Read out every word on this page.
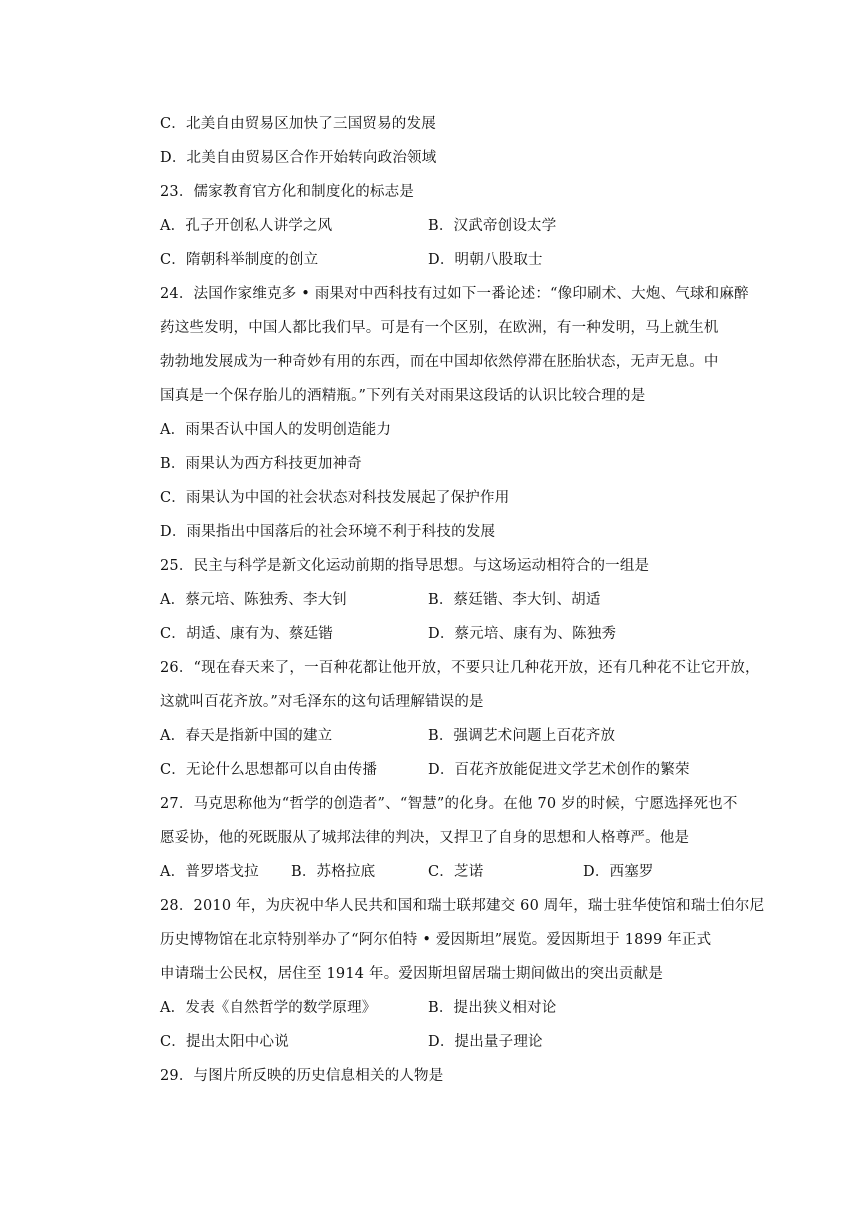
C．北美自由贸易区加快了三国贸易的发展
D．北美自由贸易区合作开始转向政治领域
23．儒家教育官方化和制度化的标志是
A．孔子开创私人讲学之风	B．汉武帝创设太学
C．隋朝科举制度的创立	D．明朝八股取士
24．法国作家维克多 • 雨果对中西科技有过如下一番论述：“像印刷术、大炮、气球和麻醉
药这些发明，中国人都比我们早。可是有一个区别，在欧洲，有一种发明，马上就生机
勃勃地发展成为一种奇妙有用的东西，而在中国却依然停滞在胚胎状态，无声无息。中
国真是一个保存胎儿的酒精瓶。”下列有关对雨果这段话的认识比较合理的是
A．雨果否认中国人的发明创造能力
B．雨果认为西方科技更加神奇
C．雨果认为中国的社会状态对科技发展起了保护作用
D．雨果指出中国落后的社会环境不利于科技的发展
25．民主与科学是新文化运动前期的指导思想。与这场运动相符合的一组是
A．蔡元培、陈独秀、李大钊	B．蔡廷锴、李大钊、胡适
C．胡适、康有为、蔡廷锴	D．蔡元培、康有为、陈独秀
26．“现在春天来了，一百种花都让他开放，不要只让几种花开放，还有几种花不让它开放，
这就叫百花齐放。”对毛泽东的这句话理解错误的是
A．春天是指新中国的建立	B．强调艺术问题上百花齐放
C．无论什么思想都可以自由传播	D．百花齐放能促进文学艺术创作的繁荣
27．马克思称他为“哲学的创造者”、“智慧”的化身。在他 70 岁的时候，宁愿选择死也不
愿妥协，他的死既服从了城邦法律的判决，又捍卫了自身的思想和人格尊严。他是
A．普罗塔戈拉 B．苏格拉底	C．芝诺	D．西塞罗
28．2010 年，为庆祝中华人民共和国和瑞士联邦建交 60 周年，瑞士驻华使馆和瑞士伯尔尼
历史博物馆在北京特别举办了“阿尔伯特 • 爱因斯坦”展览。爱因斯坦于 1899 年正式
申请瑞士公民权，居住至 1914 年。爱因斯坦留居瑞士期间做出的突出贡献是
A．发表《自然哲学的数学原理》	B．提出狭义相对论
C．提出太阳中心说	D．提出量子理论
29．与图片所反映的历史信息相关的人物是
